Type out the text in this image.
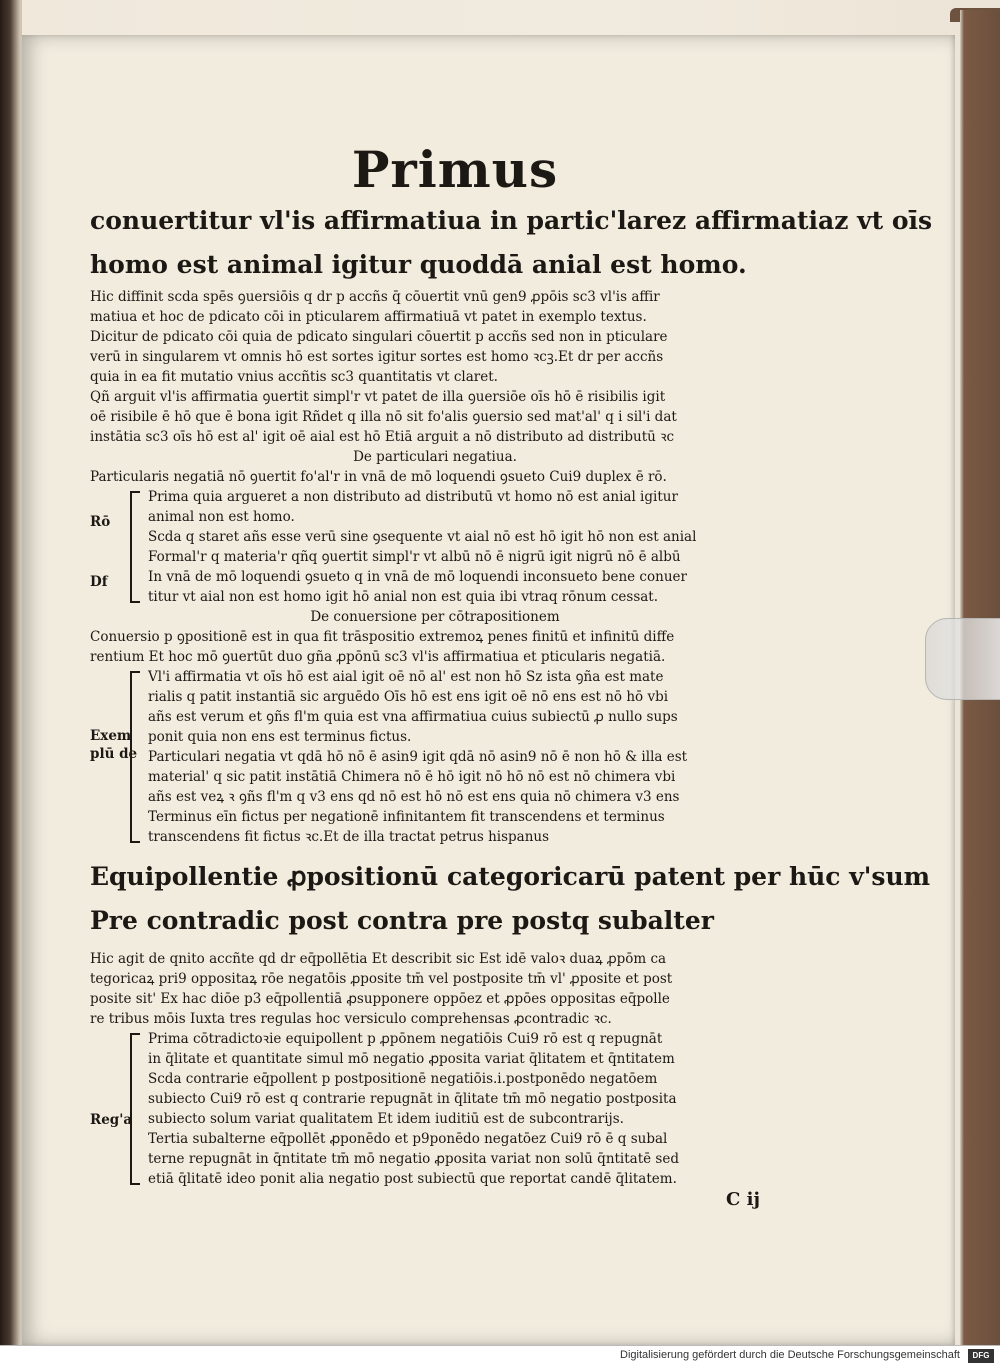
Primus
conuertitur vl'is affirmatiua in partic'larez affirmatiaz vt oīs
homo est animal igitur quoddā anial est homo.

Hic diffinit scda spēs ꝯuersiōis q dr p accñs q̄ cōuertit vnū gen9 ꝓpōis sc3 vl'is affir

matiua et hoc de pdicato cōi in pticularem affirmatiuā vt patet in exemplo textus.

Dicitur de pdicato cōi quia de pdicato singulari cōuertit p accñs sed non in pticulare

verū in singularem vt omnis hō est sortes igitur sortes est homo ꝛcꝫ.Et dr per accñs

quia in ea fit mutatio vnius accñtis sc3 quantitatis vt claret.

Qñ arguit vl'is affirmatia ꝯuertit simpl'r vt patet de illa ꝯuersiōe oīs hō ē risibilis igit

oē risibile ē hō que ē bona igit Rñdet q illa nō sit fo'alis ꝯuersio sed mat'al' q i sil'i dat

instātia sc3 oīs hō est al' igit oē aial est hō Etiā arguit a nō distributo ad distributū ꝛc

De particulari negatiua.

Particularis negatiā nō ꝯuertit fo'al'r in vnā de mō loquendi ꝯsueto Cui9 duplex ē rō.

Rō
Df

Prima quia argueret a non distributo ad distributū vt homo nō est anial igitur

animal non est homo.

Scda q staret añs esse verū sine ꝯsequente vt aial nō est hō igit hō non est anial

Formal'r q materia'r qñq ꝯuertit simpl'r vt albū nō ē nigrū igit nigrū nō ē albū

In vnā de mō loquendi ꝯsueto q in vnā de mō loquendi inconsueto bene conuer

titur vt aial non est homo igit hō anial non est quia ibi vtraq rōnum cessat.

De conuersione per cōtrapositionem

Conuersio p ꝯpositionē est in qua fit trāspositio extremoꝝ penes finitū et infinitū diffe

rentium Et hoc mō ꝯuertūt duo gña ꝓpōnū sc3 vl'is affirmatiua et pticularis negatiā.

Exem plū de

Vl'i affirmatia vt oīs hō est aial igit oē nō al' est non hō Sz ista ꝯña est mate

rialis q patit instantiā sic arguēdo Oīs hō est ens igit oē nō ens est nō hō vbi

añs est verum et ꝯñs fl'm quia est vna affirmatiua cuius subiectū ꝓ nullo sups

ponit quia non ens est terminus fictus.

Particulari negatia vt qdā hō nō ē asin9 igit qdā nō asin9 nō ē non hō & illa est

material' q sic patit instātiā Chimera nō ē hō igit nō hō nō est nō chimera vbi

añs est veꝝ ꝛ ꝯñs fl'm q v3 ens qd nō est hō nō est ens quia nō chimera v3 ens

Terminus eīn fictus per negationē infinitantem fit transcendens et terminus

transcendens fit fictus ꝛc.Et de illa tractat petrus hispanus

Equipollentie ꝓpositionū categoricarū patent per hūc v'sum
Pre contradic post contra pre postq subalter

Hic agit de qnito accñte qd dr eq̄pollētia Et describit sic Est idē valoꝛ duaꝝ ꝓpōm ca

tegoricaꝝ pri9 oppositaꝝ rōe negatōis ꝓposite tm̄ vel postposite tm̄ vl' ꝓposite et post

posite sit' Ex hac diōe p3 eq̄pollentiā ꝓsupponere oppōez et ꝓpōes oppositas eq̄polle

re tribus mōis Iuxta tres regulas hoc versiculo comprehensas ꝓcontradic ꝛc.

Reg'a

Prima cōtradictoꝛie equipollent p ꝓpōnem negatiōis Cui9 rō est q repugnāt

in q̄litate et quantitate simul mō negatio ꝓposita variat q̄litatem et q̄ntitatem

Scda contrarie eq̄pollent p postpositionē negatiōis.i.postponēdo negatōem

subiecto Cui9 rō est q contrarie repugnāt in q̄litate tm̄ mō negatio postposita

subiecto solum variat qualitatem Et idem iuditiū est de subcontrarijs.

Tertia subalterne eq̄pollēt ꝓponēdo et p9ponēdo negatōez Cui9 rō ē q subal

terne repugnāt in q̄ntitate tm̄ mō negatio ꝓposita variat non solū q̄ntitatē sed

etiā q̄litatē ideo ponit alia negatio post subiectū que reportat candē q̄litatem.

C ij
Digitalisierung gefördert durch die Deutsche Forschungsgemeinschaft	DFG
